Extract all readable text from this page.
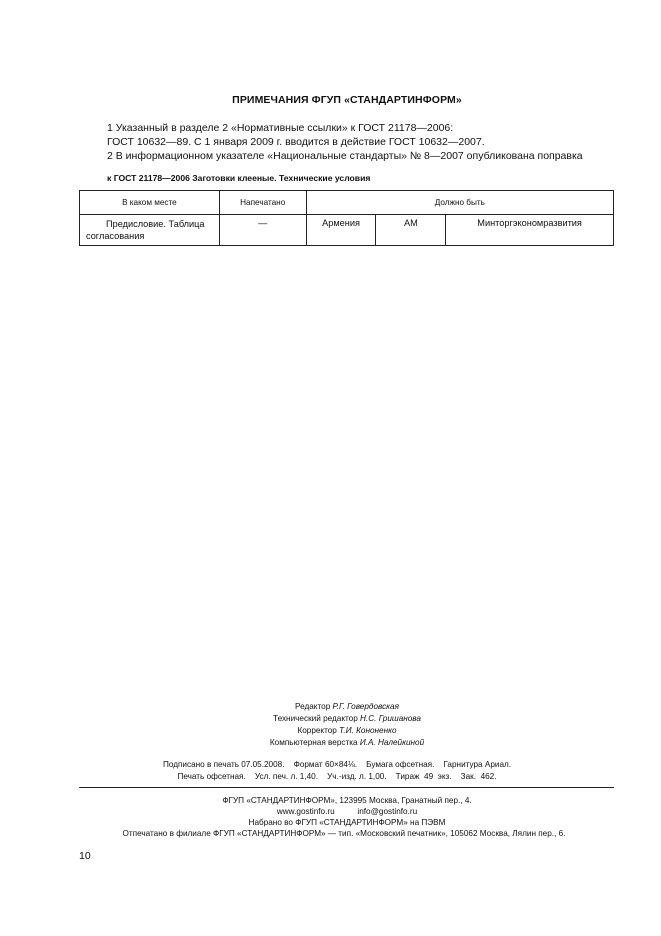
ПРИМЕЧАНИЯ ФГУП «СТАНДАРТИНФОРМ»
1 Указанный в разделе 2 «Нормативные ссылки» к ГОСТ 21178—2006:
ГОСТ 10632—89. С 1 января 2009 г. вводится в действие ГОСТ 10632—2007.
2 В информационном указателе «Национальные стандарты» № 8—2007 опубликована поправка
к ГОСТ 21178—2006 Заготовки клееные. Технические условия
В каком месте	Напечатано	Должно быть		

Предисловие. Таблица
согласования	—	Армения	AM	Минторгэкономразвития
Редактор Р.Г. Говердовская
Технический редактор Н.С. Гришанова
Корректор Т.И. Кононенко
Компьютерная верстка И.А. Налейкиной
Подписано в печать 07.05.2008.    Формат 60×84⅛.    Бумага офсетная.    Гарнитура Ариал.
Печать офсетная.    Усл. печ. л. 1,40.    Уч.-изд. л. 1,00.    Тираж  49  экз.    Зак.  462.
ФГУП «СТАНДАРТИНФОРМ», 123995 Москва, Гранатный пер., 4.
www.gostinfo.ru          info@gostinfo.ru
Набрано во ФГУП «СТАНДАРТИНФОРМ» на ПЭВМ
Отпечатано в филиале ФГУП «СТАНДАРТИНФОРМ» — тип. «Московский печатник», 105062 Москва, Лялин пер., 6.
10
